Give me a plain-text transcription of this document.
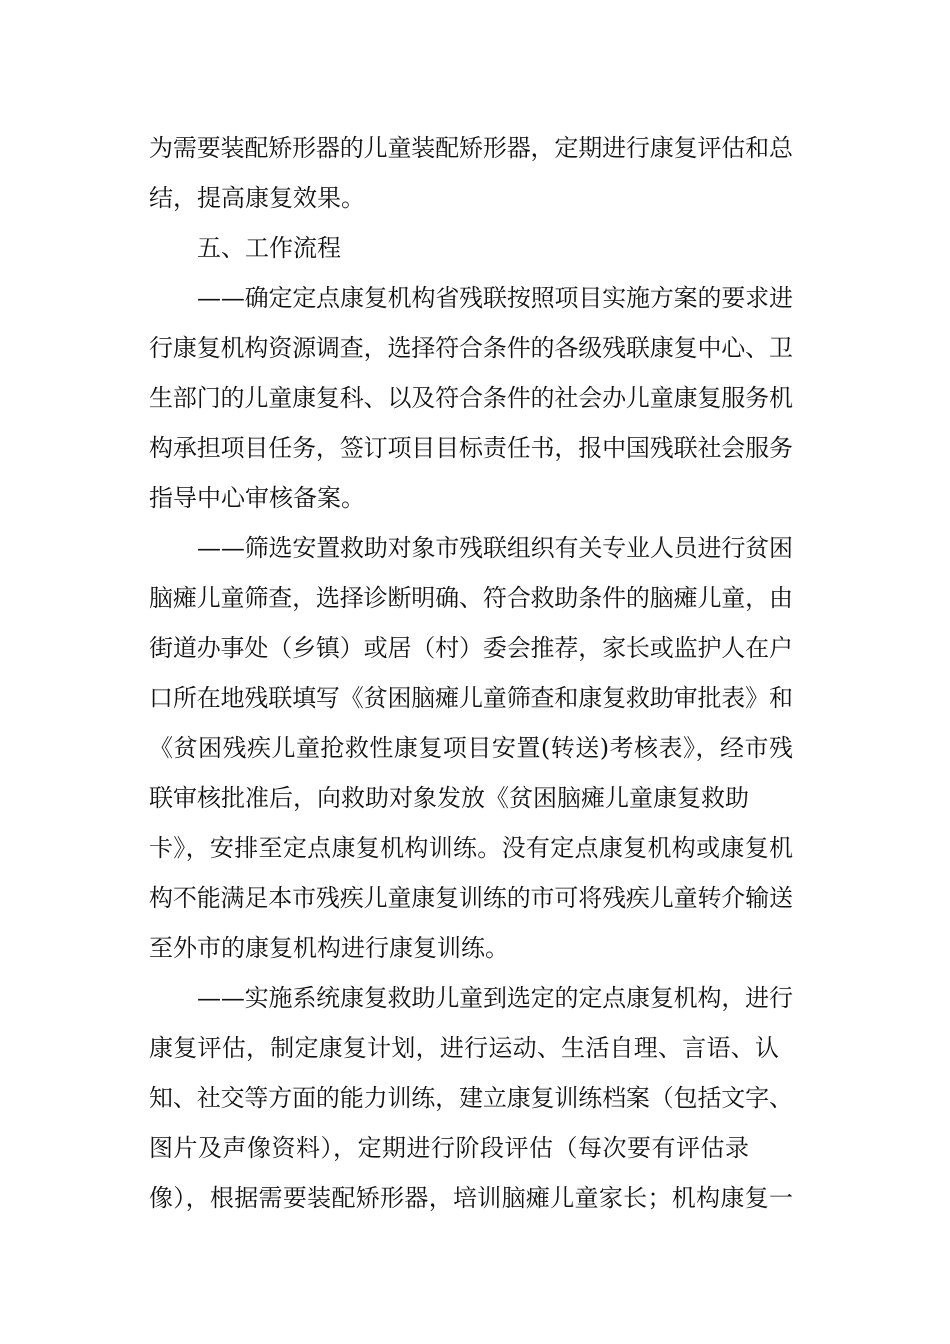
为需要装配矫形器的儿童装配矫形器，定期进行康复评估和总
结，提高康复效果。
五、工作流程
——确定定点康复机构省残联按照项目实施方案的要求进
行康复机构资源调查，选择符合条件的各级残联康复中心、卫
生部门的儿童康复科、以及符合条件的社会办儿童康复服务机
构承担项目任务，签订项目目标责任书，报中国残联社会服务
指导中心审核备案。
——筛选安置救助对象市残联组织有关专业人员进行贫困
脑瘫儿童筛查，选择诊断明确、符合救助条件的脑瘫儿童，由
街道办事处（乡镇）或居（村）委会推荐，家长或监护人在户
口所在地残联填写《贫困脑瘫儿童筛查和康复救助审批表》和
《贫困残疾儿童抢救性康复项目安置(转送)考核表》，经市残
联审核批准后，向救助对象发放《贫困脑瘫儿童康复救助
卡》，安排至定点康复机构训练。没有定点康复机构或康复机
构不能满足本市残疾儿童康复训练的市可将残疾儿童转介输送
至外市的康复机构进行康复训练。
——实施系统康复救助儿童到选定的定点康复机构，进行
康复评估，制定康复计划，进行运动、生活自理、言语、认
知、社交等方面的能力训练，建立康复训练档案（包括文字、
图片及声像资料），定期进行阶段评估（每次要有评估录
像），根据需要装配矫形器，培训脑瘫儿童家长；机构康复一
